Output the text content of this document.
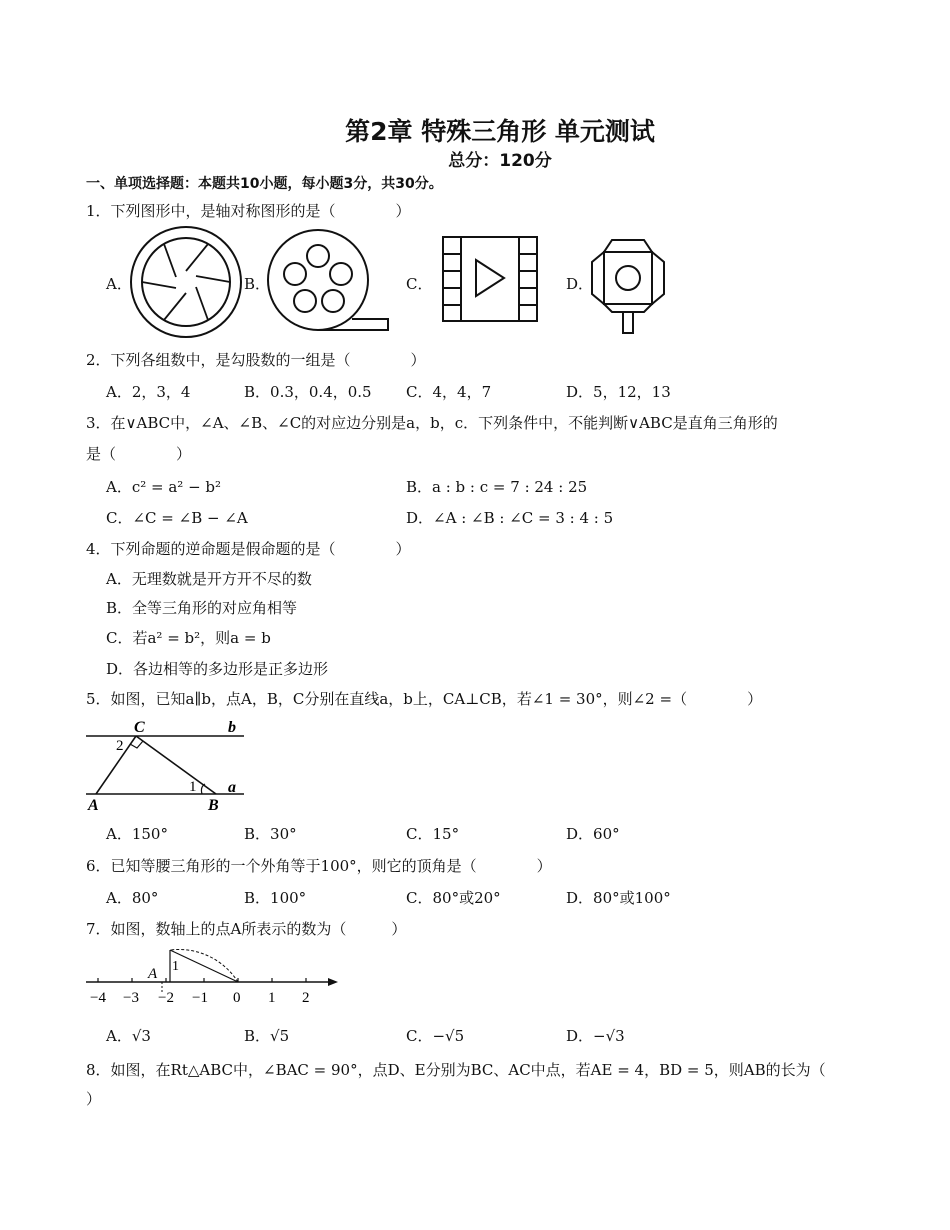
第2章 特殊三角形 单元测试
总分：120分
一、单项选择题：本题共10小题，每小题3分，共30分。
1．下列图形中，是轴对称图形的是（　　　　）
A．	B．	C．	D．
2．下列各组数中，是勾股数的一组是（　　　　）
A．2，3，4	B．0.3，0.4，0.5 C．4，4，7	D．5，12，13
3．在∨ABC中，∠A、∠B、∠C的对应边分别是a，b，c．下列条件中，不能判断∨ABC是直角三角形的
是（　　　　）
A．c² = a² − b²	B．a : b : c = 7 : 24 : 25
C．∠C = ∠B − ∠A	D．∠A : ∠B : ∠C = 3 : 4 : 5
4．下列命题的逆命题是假命题的是（　　　　）
A．无理数就是开方开不尽的数
B．全等三角形的对应角相等
C．若a² = b²，则a = b
D．各边相等的多边形是正多边形
5．如图，已知a∥b，点A，B，C分别在直线a，b上，CA⊥CB，若∠1 = 30°，则∠2 =（　　　　）
C	b
2
1 a
A	B
A．150°	B．30°	C．15°	D．60°
6．已知等腰三角形的一个外角等于100°，则它的顶角是（　　　　）
A．80°	B．100°	C．80°或20°	D．80°或100°
7．如图，数轴上的点A所表示的数为（　　　）
A 1
−4 −3 −2 −1 0 1 2
A．√3	B．√5	C．−√5	D．−√3
8．如图，在Rt△ABC中，∠BAC = 90°，点D、E分别为BC、AC中点，若AE = 4，BD = 5，则AB的长为（
）
